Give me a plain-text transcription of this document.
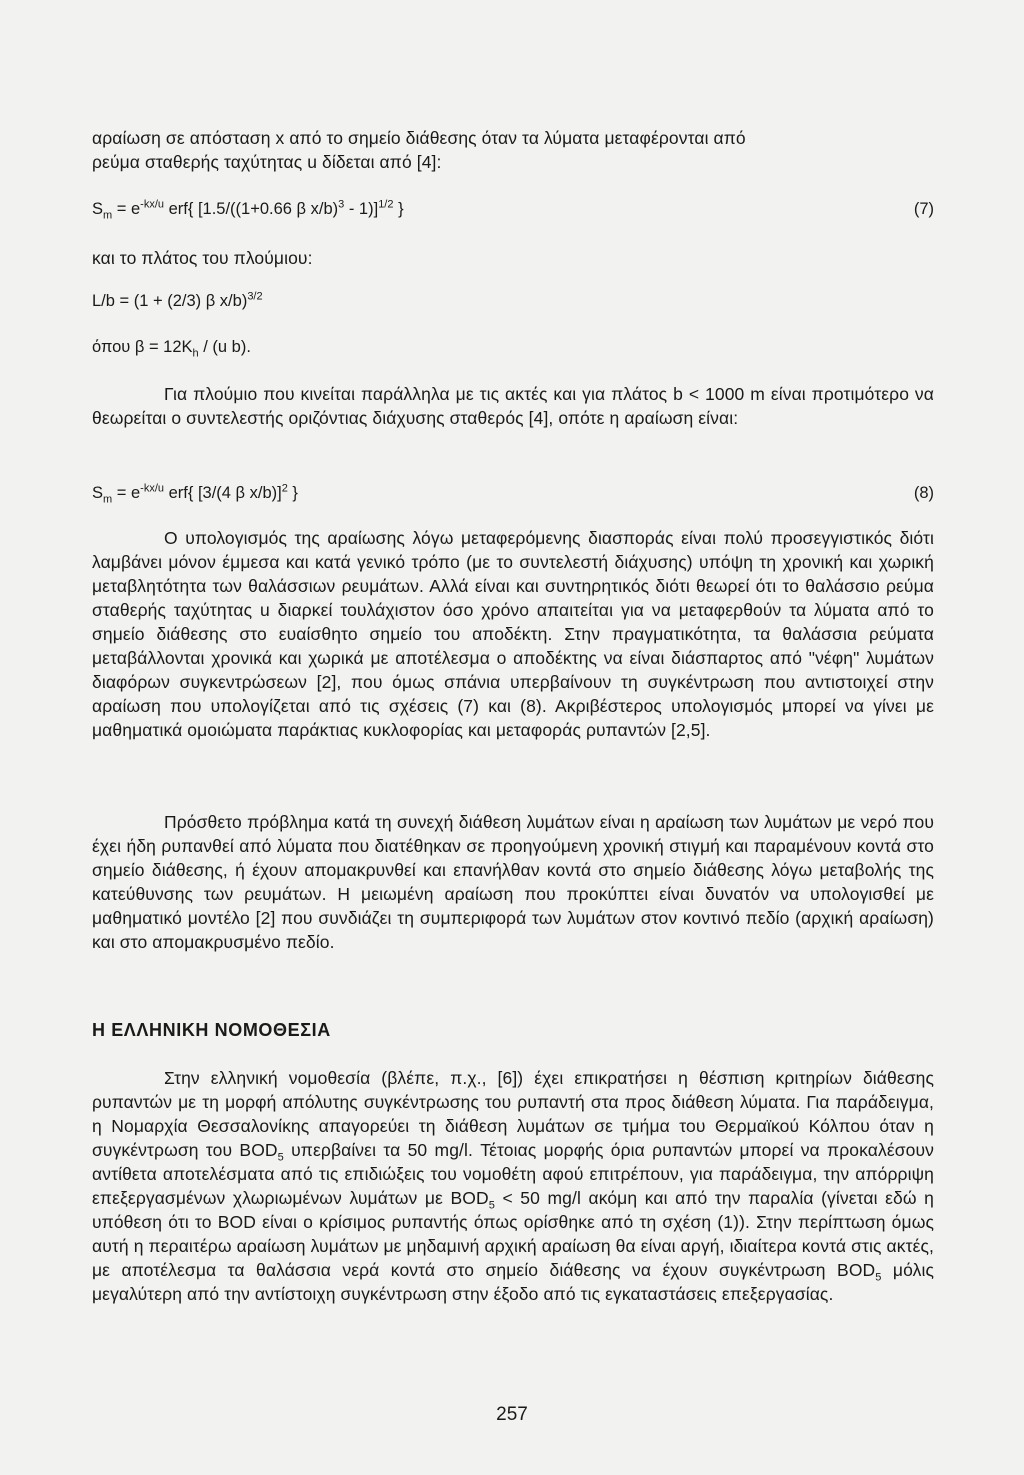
αραίωση σε απόσταση x από το σημείο διάθεσης όταν τα λύματα μεταφέρονται από
ρεύμα σταθερής ταχύτητας u δίδεται από [4]:
$S_m = e^{-kx/u}$ erf{ [1.5/((1+0.66 β x/b)$^3$ - 1)]$^{1/2}$ }	(7)
και το πλάτος του πλούμιου:
L/b = (1 + (2/3) β x/b)$^{3/2}$
όπου $\beta = 12K_h / (u$ b).
Για πλούμιο που κινείται παράλληλα με τις ακτές και για πλάτος b < 1000 m είναι προτιμότερο να θεωρείται ο συντελεστής οριζόντιας διάχυσης σταθερός [4], οπότε η αραίωση είναι:
$S_m = e^{-kx/u}$ erf{ [3/(4 β x/b)]$^2$ }	(8)
Ο υπολογισμός της αραίωσης λόγω μεταφερόμενης διασποράς είναι πολύ προσεγγιστικός διότι λαμβάνει μόνον έμμεσα και κατά γενικό τρόπο (με το συντελεστή διάχυσης) υπόψη τη χρονική και χωρική μεταβλητότητα των θαλάσσιων ρευμάτων. Αλλά είναι και συντηρητικός διότι θεωρεί ότι το θαλάσσιο ρεύμα σταθερής ταχύτητας u διαρκεί τουλάχιστον όσο χρόνο απαιτείται για να μεταφερθούν τα λύματα από το σημείο διάθεσης στο ευαίσθητο σημείο του αποδέκτη. Στην πραγματικότητα, τα θαλάσσια ρεύματα μεταβάλλονται χρονικά και χωρικά με αποτέλεσμα ο αποδέκτης να είναι διάσπαρτος από "νέφη" λυμάτων διαφόρων συγκεντρώσεων [2], που όμως σπάνια υπερβαίνουν τη συγκέντρωση που αντιστοιχεί στην αραίωση που υπολογίζεται από τις σχέσεις (7) και (8). Ακριβέστερος υπολογισμός μπορεί να γίνει με μαθηματικά ομοιώματα παράκτιας κυκλοφορίας και μεταφοράς ρυπαντών [2,5].
Πρόσθετο πρόβλημα κατά τη συνεχή διάθεση λυμάτων είναι η αραίωση των λυμάτων με νερό που έχει ήδη ρυπανθεί από λύματα που διατέθηκαν σε προηγούμενη χρονική στιγμή και παραμένουν κοντά στο σημείο διάθεσης, ή έχουν απομακρυνθεί και επανήλθαν κοντά στο σημείο διάθεσης λόγω μεταβολής της κατεύθυνσης των ρευμάτων. Η μειωμένη αραίωση που προκύπτει είναι δυνατόν να υπολογισθεί με μαθηματικό μοντέλο [2] που συνδιάζει τη συμπεριφορά των λυμάτων στον κοντινό πεδίο (αρχική αραίωση) και στο απομακρυσμένο πεδίο.
Η ΕΛΛΗΝΙΚΗ ΝΟΜΟΘΕΣΙΑ
Στην ελληνική νομοθεσία (βλέπε, π.χ., [6]) έχει επικρατήσει η θέσπιση κριτηρίων διάθεσης ρυπαντών με τη μορφή απόλυτης συγκέντρωσης του ρυπαντή στα προς διάθεση λύματα. Για παράδειγμα, η Νομαρχία Θεσσαλονίκης απαγορεύει τη διάθεση λυμάτων σε τμήμα του Θερμαϊκού Κόλπου όταν η συγκέντρωση του $BOD_5$ υπερβαίνει τα 50 mg/l. Τέτοιας μορφής όρια ρυπαντών μπορεί να προκαλέσουν αντίθετα αποτελέσματα από τις επιδιώξεις του νομοθέτη αφού επιτρέπουν, για παράδειγμα, την απόρριψη επεξεργασμένων χλωριωμένων λυμάτων με $BOD_5 < 50$ mg/l ακόμη και από την παραλία (γίνεται εδώ η υπόθεση ότι το BOD είναι ο κρίσιμος ρυπαντής όπως ορίσθηκε από τη σχέση (1)). Στην περίπτωση όμως αυτή η περαιτέρω αραίωση λυμάτων με μηδαμινή αρχική αραίωση θα είναι αργή, ιδιαίτερα κοντά στις ακτές, με αποτέλεσμα τα θαλάσσια νερά κοντά στο σημείο διάθεσης να έχουν συγκέντρωση $BOD_5$ μόλις μεγαλύτερη από την αντίστοιχη συγκέντρωση στην έξοδο από τις εγκαταστάσεις επεξεργασίας.
257
